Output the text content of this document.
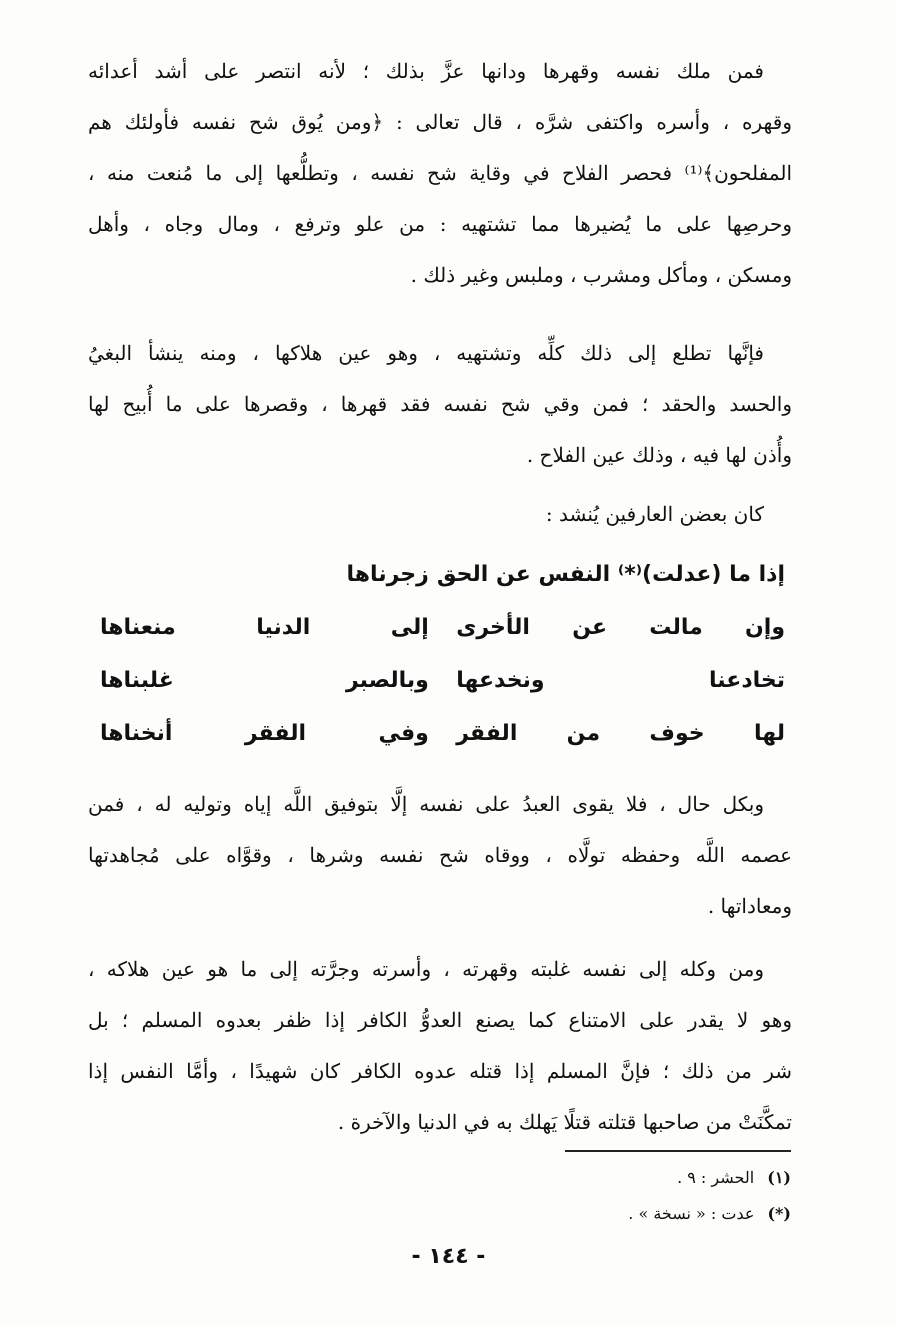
فمن ملك نفسه وقهرها ودانها عزَّ بذلك ؛ لأنه انتصر على أشد أعدائه
وقهره ، وأسره واكتفى شرَّه ، قال تعالى : ﴿ومن يُوق شح نفسه فأولئك هم
المفلحون﴾⁽¹⁾ فحصر الفلاح في وقاية شح نفسه ، وتطلُّعها إلى ما مُنعت منه ،
وحرصِها على ما يُضيرها مما تشتهيه : من علو وترفع ، ومال وجاه ، وأهل
ومسكن ، ومأكل ومشرب ، وملبس وغير ذلك .
فإنَّها تطلع إلى ذلك كلِّه وتشتهيه ، وهو عين هلاكها ، ومنه ينشأ البغيُ
والحسد والحقد ؛ فمن وقي شح نفسه فقد قهرها ، وقصرها على ما أُبيح لها
وأُذن لها فيه ، وذلك عين الفلاح .
كان بعضن العارفين يُنشد :
إذا ما (عدلت)⁽*⁾ النفس عن الحق
زجرناها
وإن مالت عن الأخرى
إلى الدنيا منعناها
تخادعنا ونخدعها
وبالصبر غلبناها
لها خوف من الفقر
وفي الفقر أنخناها
وبكل حال ، فلا يقوى العبدُ على نفسه إلَّا بتوفيق اللَّه إياه وتوليه له ، فمن
عصمه اللَّه وحفظه تولَّاه ، ووقاه شح نفسه وشرها ، وقوَّاه على مُجاهدتها
ومعاداتها .
ومن وكله إلى نفسه غلبته وقهرته ، وأسرته وجرَّته إلى ما هو عين هلاكه ،
وهو لا يقدر على الامتناع كما يصنع العدوُّ الكافر إذا ظفر بعدوه المسلم ؛ بل
شر من ذلك ؛ فإنَّ المسلم إذا قتله عدوه الكافر كان شهيدًا ، وأمَّا النفس إذا
تمكَّنَتْ من صاحبها قتلته قتلًا يَهلك به في الدنيا والآخرة .
(١) الحشر : ٩ .
(*) عدت : « نسخة » .
- ١٤٤ -
